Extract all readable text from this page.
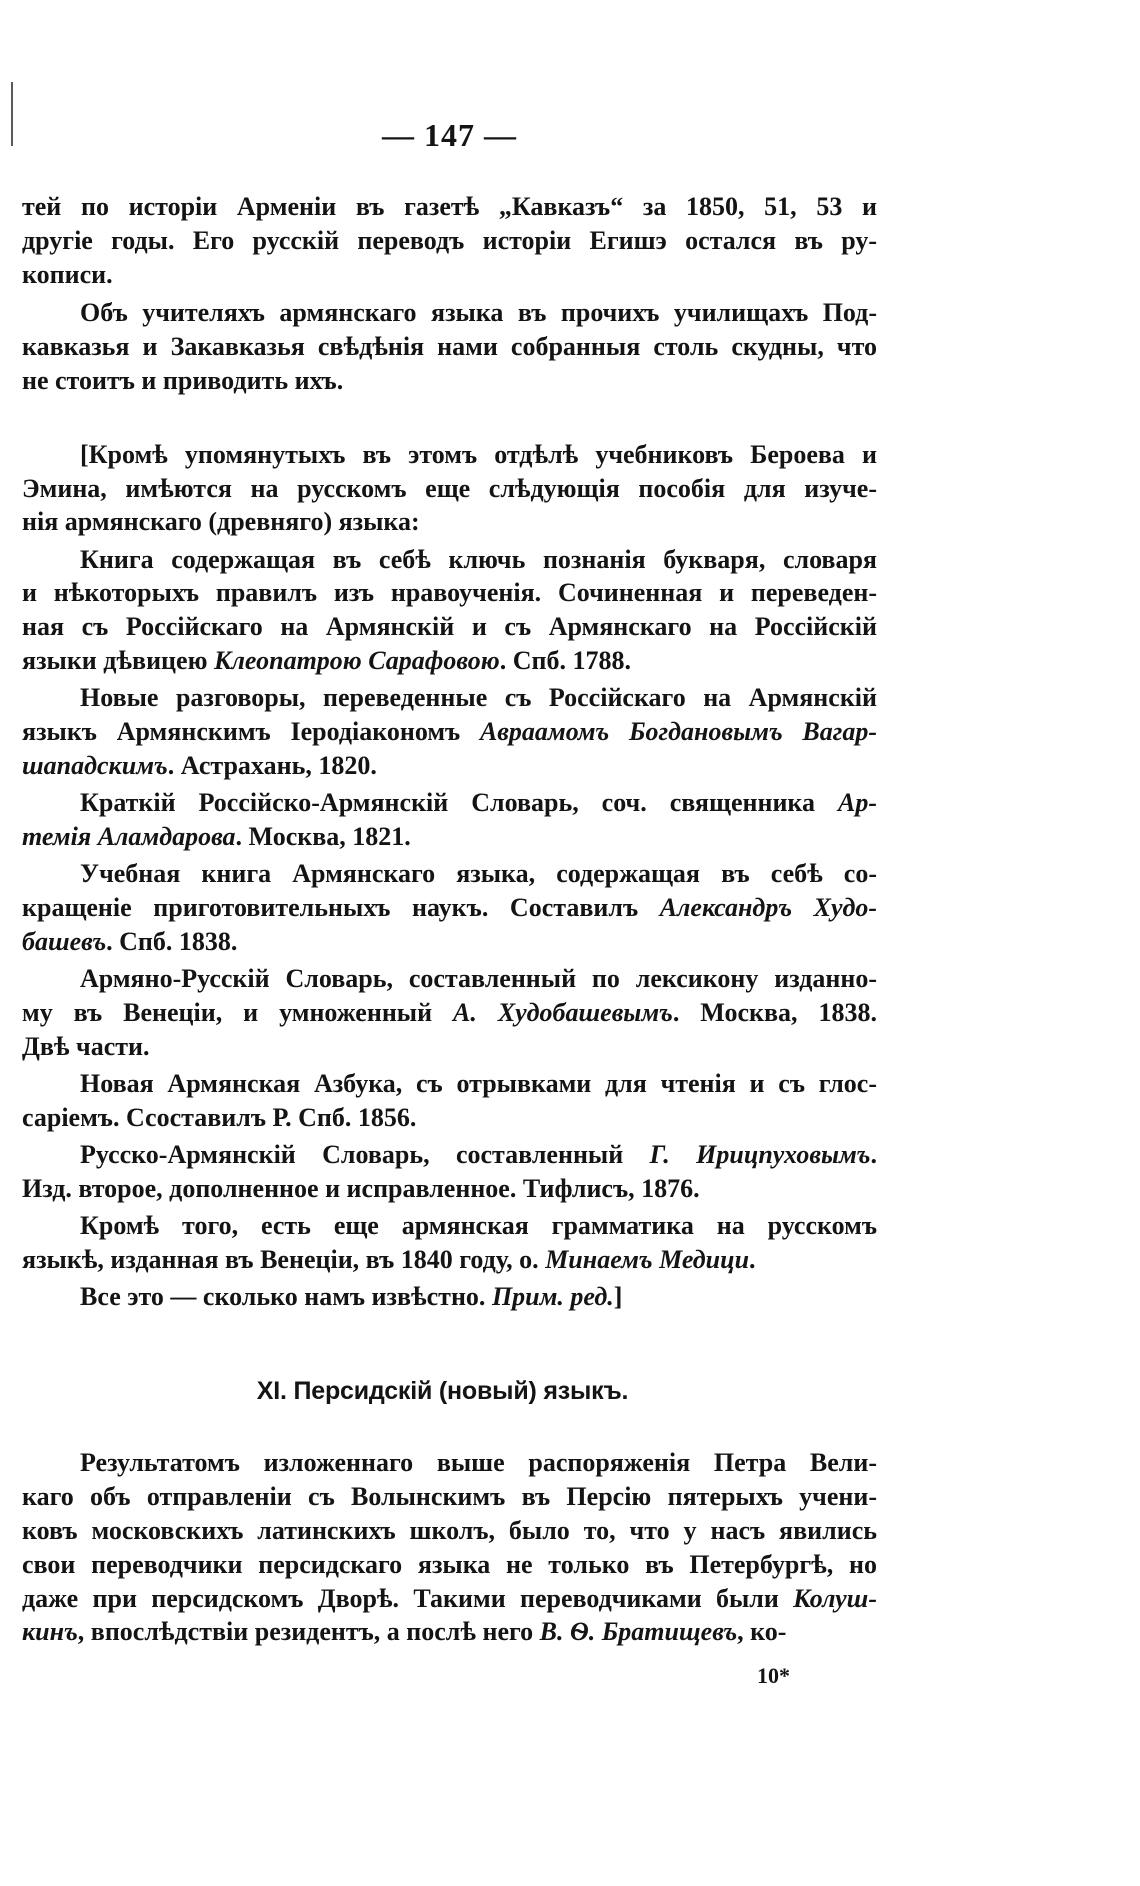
— 147 —
тей по исторіи Арменіи въ газетѣ „Кавказъ“ за 1850, 51, 53 и
другіе годы. Его русскій переводъ исторіи Егишэ остался въ ру-
кописи.
Объ учителяхъ армянскаго языка въ прочихъ училищахъ Под-
кавказья и Закавказья свѣдѣнія нами собранныя столь скудны, что
не стоитъ и приводить ихъ.
[Кромѣ упомянутыхъ въ этомъ отдѣлѣ учебниковъ Бероева и
Эмина, имѣются на русскомъ еще слѣдующія пособія для изуче-
нія армянскаго (древняго) языка:
Книга содержащая въ себѣ ключь познанія букваря, словаря
и нѣкоторыхъ правилъ изъ нравоученія. Сочиненная и переведен-
ная съ Россійскаго на Армянскій и съ Армянскаго на Россійскій
языки дѣвицею Клеопатрою Сарафовою. Спб. 1788.
Новые разговоры, переведенные съ Россійскаго на Армянскій
языкъ Армянскимъ Іеродіакономъ Авраамомъ Богдановымъ Вагар-
шападскимъ. Астрахань, 1820.
Краткій Россійско-Армянскій Словарь, соч. священника Ар-
темія Аламдарова. Москва, 1821.
Учебная книга Армянскаго языка, содержащая въ себѣ со-
кращеніе приготовительныхъ наукъ. Составилъ Александръ Худо-
башевъ. Спб. 1838.
Армяно-Русскій Словарь, составленный по лексикону изданно-
му въ Венеціи, и умноженный А. Худобашевымъ. Москва, 1838.
Двѣ части.
Новая Армянская Азбука, съ отрывками для чтенія и съ глос-
саріемъ. Ссоставилъ Р. Спб. 1856.
Русско-Армянскій Словарь, составленный Г. Ирицпуховымъ.
Изд. второе, дополненное и исправленное. Тифлисъ, 1876.
Кромѣ того, есть еще армянская грамматика на русскомъ
языкѣ, изданная въ Венеціи, въ 1840 году, о. Минаемъ Медици.
Все это — сколько намъ извѣстно. Прим. ред.]
XI. Персидскій (новый) языкъ.
Результатомъ изложеннаго выше распоряженія Петра Вели-
каго объ отправленіи съ Волынскимъ въ Персію пятерыхъ учени-
ковъ московскихъ латинскихъ школъ, было то, что у насъ явились
свои переводчики персидскаго языка не только въ Петербургѣ, но
даже при персидскомъ Дворѣ. Такими переводчиками были Колуш-
кинъ, впослѣдствіи резидентъ, а послѣ него В. Ѳ. Братищевъ, ко-
10*
